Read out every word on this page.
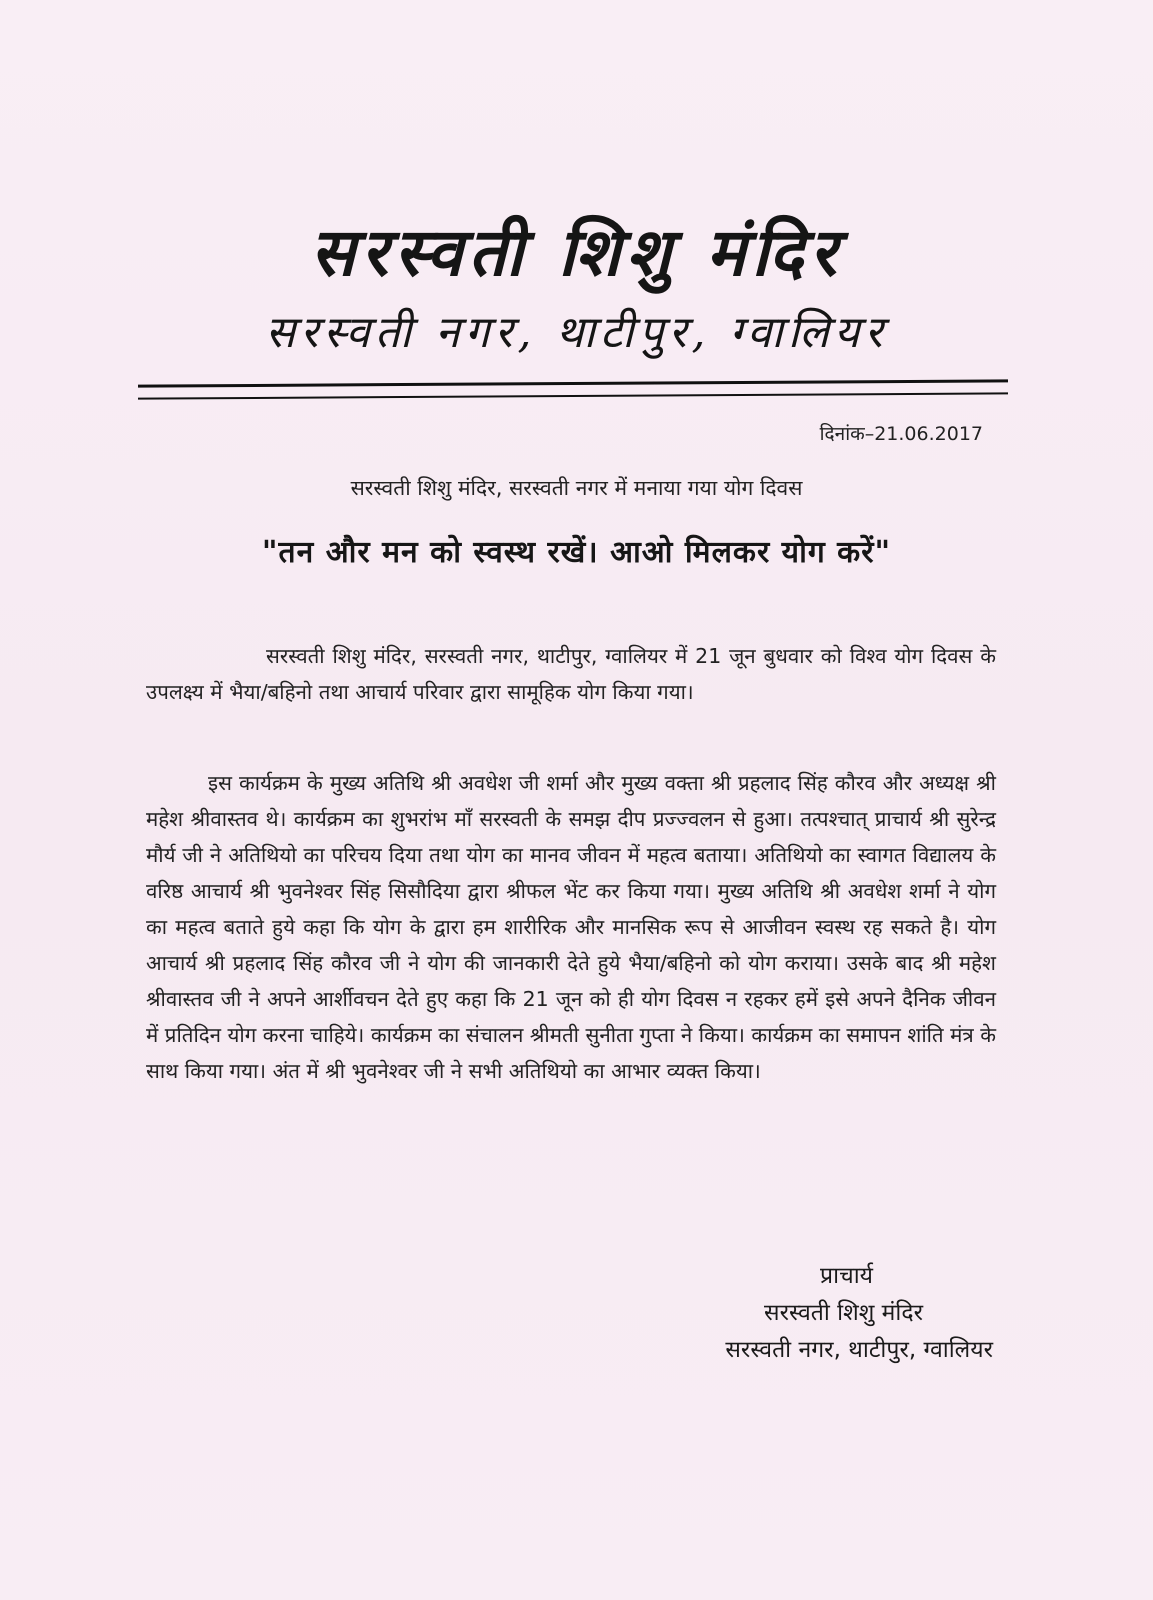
सरस्वती शिशु मंदिर
सरस्वती नगर, थाटीपुर, ग्वालियर
दिनांक–21.06.2017
सरस्वती शिशु मंदिर, सरस्वती नगर में मनाया गया योग दिवस
"तन और मन को स्वस्थ रखें। आओ मिलकर योग करें"

सरस्वती शिशु मंदिर, सरस्वती नगर, थाटीपुर, ग्वालियर में 21 जून बुधवार को विश्व योग दिवस के उपलक्ष्य में भैया/बहिनो तथा आचार्य परिवार द्वारा सामूहिक योग किया गया।

इस कार्यक्रम के मुख्य अतिथि श्री अवधेश जी शर्मा और मुख्य वक्ता श्री प्रहलाद सिंह कौरव और अध्यक्ष श्री महेश श्रीवास्तव थे। कार्यक्रम का शुभरांभ माँ सरस्वती के समझ दीप प्रज्ज्वलन से हुआ। तत्पश्चात् प्राचार्य श्री सुरेन्द्र मौर्य जी ने अतिथियो का परिचय दिया तथा योग का मानव जीवन में महत्व बताया। अतिथियो का स्वागत विद्यालय के वरिष्ठ आचार्य श्री भुवनेश्वर सिंह सिसौदिया द्वारा श्रीफल भेंट कर किया गया। मुख्य अतिथि श्री अवधेश शर्मा ने योग का महत्व बताते हुये कहा कि योग के द्वारा हम शारीरिक और मानसिक रूप से आजीवन स्वस्थ रह सकते है। योग आचार्य श्री प्रहलाद सिंह कौरव जी ने योग की जानकारी देते हुये भैया/बहिनो को योग कराया। उसके बाद श्री महेश श्रीवास्तव जी ने अपने आर्शीवचन देते हुए कहा कि 21 जून को ही योग दिवस न रहकर हमें इसे अपने दैनिक जीवन में प्रतिदिन योग करना चाहिये। कार्यक्रम का संचालन श्रीमती सुनीता गुप्ता ने किया। कार्यक्रम का समापन शांति मंत्र के साथ किया गया। अंत में श्री भुवनेश्वर जी ने सभी अतिथियो का आभार व्यक्त किया।

प्राचार्य
सरस्वती शिशु मंदिर
सरस्वती नगर, थाटीपुर, ग्वालियर
